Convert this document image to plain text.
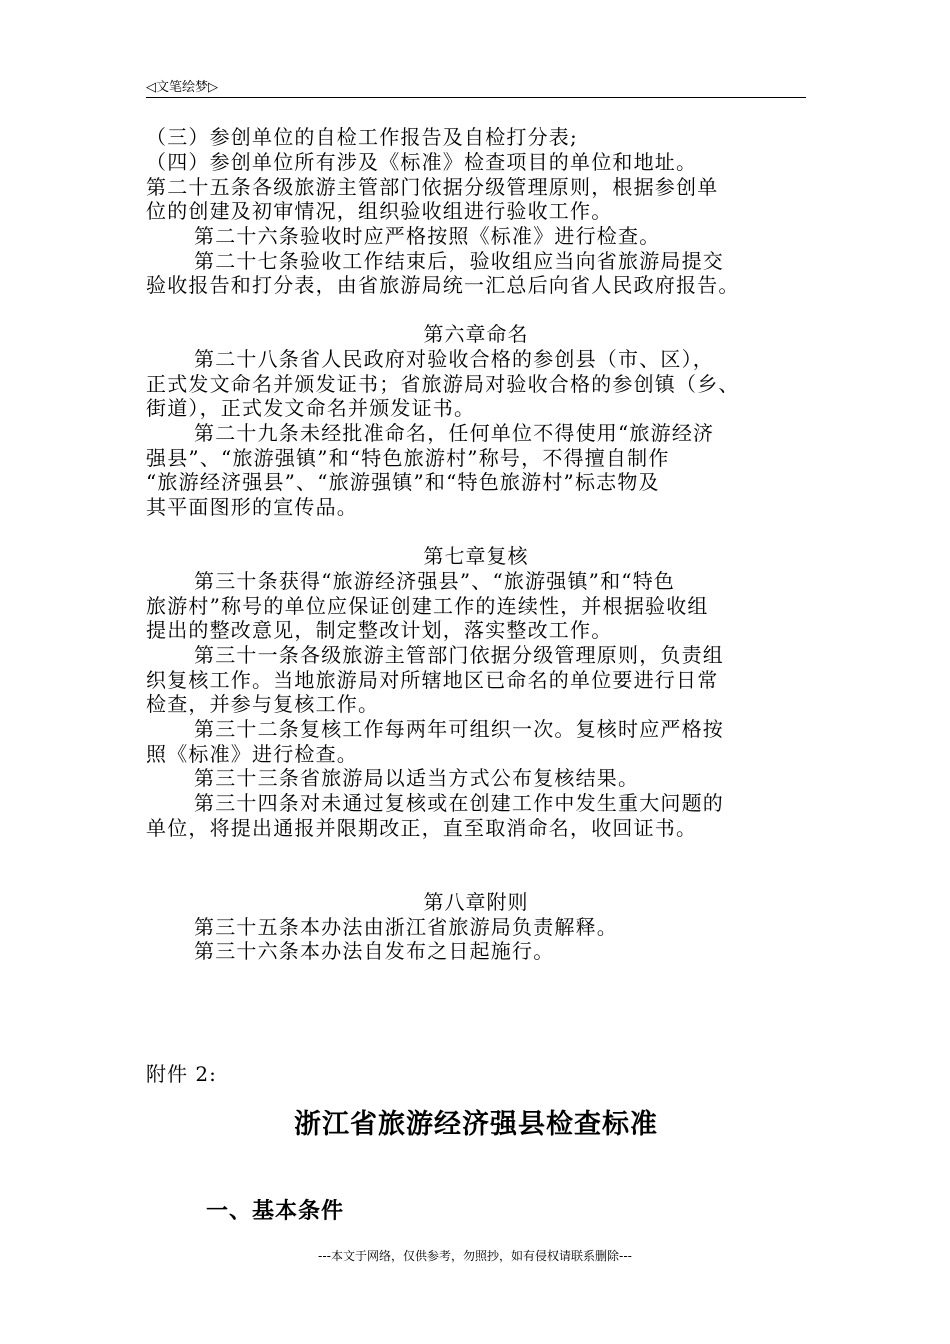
◁文笔绘梦▷
（三）参创单位的自检工作报告及自检打分表;
（四）参创单位所有涉及《标准》检查项目的单位和地址。
第二十五条各级旅游主管部门依据分级管理原则，根据参创单
位的创建及初审情况，组织验收组进行验收工作。
第二十六条验收时应严格按照《标准》进行检查。
第二十七条验收工作结束后，验收组应当向省旅游局提交
验收报告和打分表，由省旅游局统一汇总后向省人民政府报告。
第六章命名
第二十八条省人民政府对验收合格的参创县（市、区），
正式发文命名并颁发证书；省旅游局对验收合格的参创镇（乡、
街道），正式发文命名并颁发证书。
第二十九条未经批准命名，任何单位不得使用“旅游经济
强县”、“旅游强镇”和“特色旅游村”称号，不得擅自制作
“旅游经济强县”、“旅游强镇”和“特色旅游村”标志物及
其平面图形的宣传品。
第七章复核
第三十条获得“旅游经济强县”、“旅游强镇”和“特色
旅游村”称号的单位应保证创建工作的连续性，并根据验收组
提出的整改意见，制定整改计划，落实整改工作。
第三十一条各级旅游主管部门依据分级管理原则，负责组
织复核工作。当地旅游局对所辖地区已命名的单位要进行日常
检查，并参与复核工作。
第三十二条复核工作每两年可组织一次。复核时应严格按
照《标准》进行检查。
第三十三条省旅游局以适当方式公布复核结果。
第三十四条对未通过复核或在创建工作中发生重大问题的
单位，将提出通报并限期改正，直至取消命名，收回证书。
第八章附则
第三十五条本办法由浙江省旅游局负责解释。
第三十六条本办法自发布之日起施行。
附件 2:
浙江省旅游经济强县检查标准
一、基本条件
---本文于网络，仅供参考，勿照抄，如有侵权请联系删除---
